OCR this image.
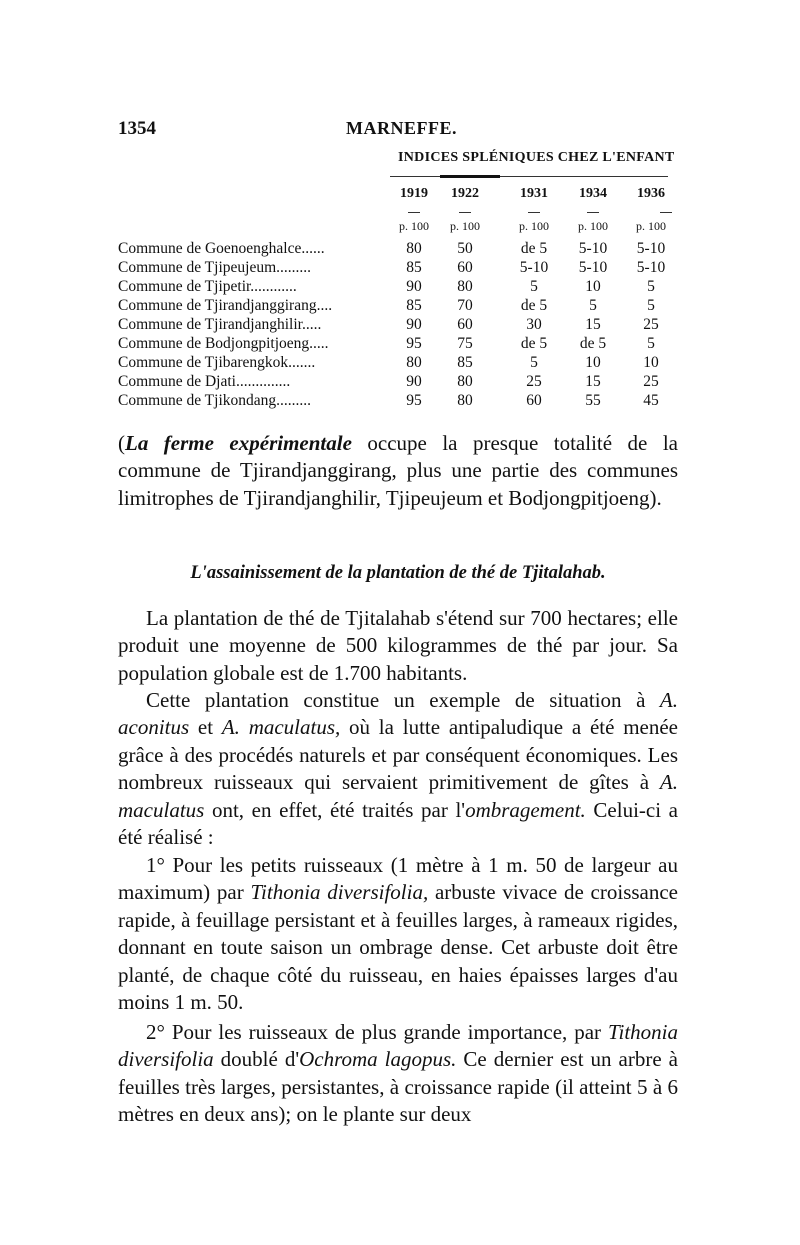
1354	MARNEFFE.
INDICES SPLÉNIQUES CHEZ L'ENFANT
1919	1922	1931	1934	1936
p. 100	p. 100	p. 100	p. 100	p. 100
Commune de Goenoenghalce......	80	50	de 5	5-10	5-10
Commune de Tjipeujeum.........	85	60	5-10	5-10	5-10
Commune de Tjipetir............	90	80	5	10	5
Commune de Tjirandjanggirang....	85	70	de 5	5	5
Commune de Tjirandjanghilir.....	90	60	30	15	25
Commune de Bodjongpitjoeng.....	95	75	de 5	de 5	5
Commune de Tjibarengkok.......	80	85	5	10	10
Commune de Djati..............	90	80	25	15	25
Commune de Tjikondang.........	95	80	60	55	45
(La ferme expérimentale occupe la presque totalité de la commune de Tjirandjanggirang, plus une partie des communes limitrophes de Tjirandjanghilir, Tjipeujeum et Bodjongpitjoeng).
L'assainissement de la plantation de thé de Tjitalahab.
La plantation de thé de Tjitalahab s'étend sur 700 hectares; elle produit une moyenne de 500 kilogrammes de thé par jour. Sa population globale est de 1.700 habitants.
Cette plantation constitue un exemple de situation à A. aconitus et A. maculatus, où la lutte antipaludique a été menée grâce à des procédés naturels et par conséquent économiques. Les nombreux ruisseaux qui servaient primitivement de gîtes à A. maculatus ont, en effet, été traités par l'ombragement. Celui-ci a été réalisé :
1° Pour les petits ruisseaux (1 mètre à 1 m. 50 de largeur au maximum) par Tithonia diversifolia, arbuste vivace de croissance rapide, à feuillage persistant et à feuilles larges, à rameaux rigides, donnant en toute saison un ombrage dense. Cet arbuste doit être planté, de chaque côté du ruisseau, en haies épaisses larges d'au moins 1 m. 50.
2° Pour les ruisseaux de plus grande importance, par Tithonia diversifolia doublé d'Ochroma lagopus. Ce dernier est un arbre à feuilles très larges, persistantes, à croissance rapide (il atteint 5 à 6 mètres en deux ans); on le plante sur deux
